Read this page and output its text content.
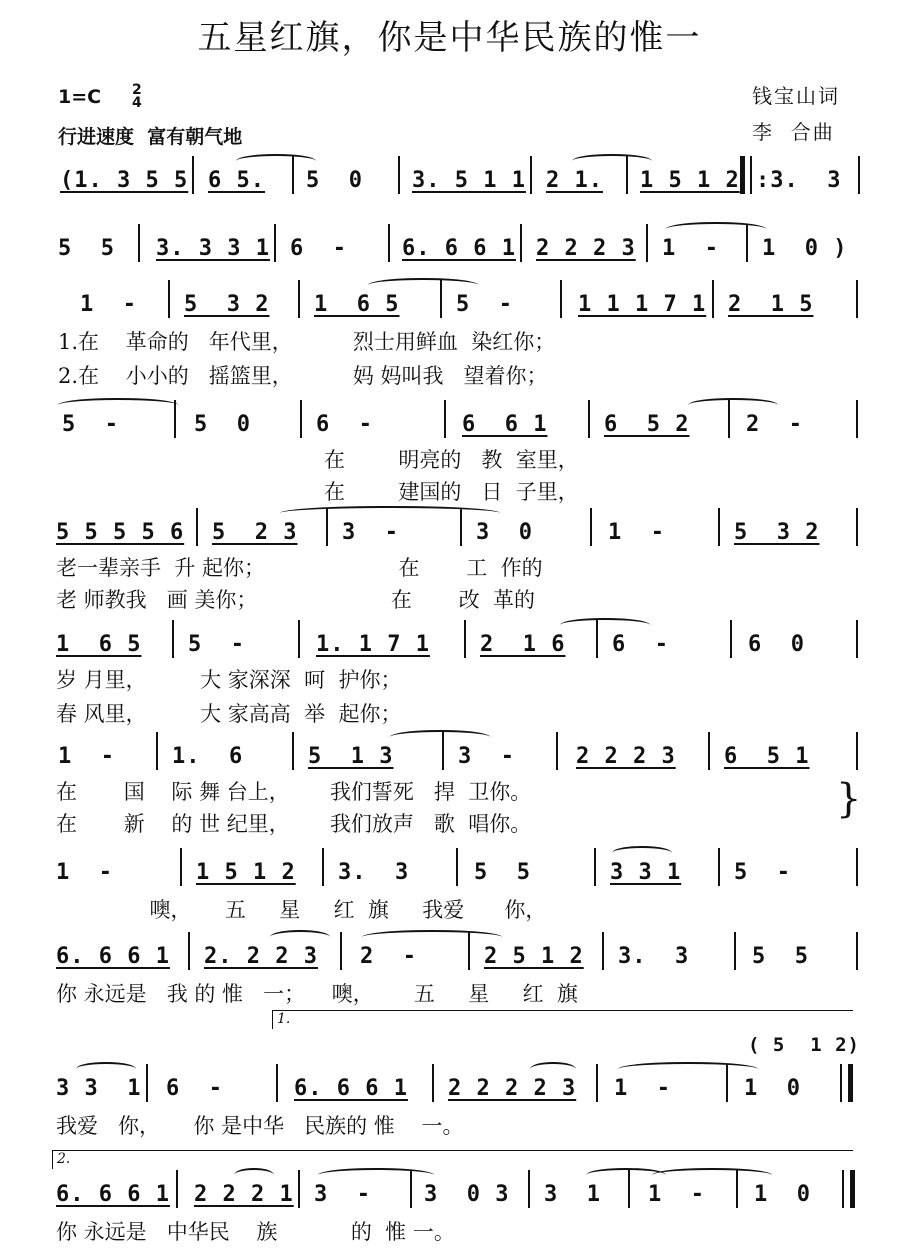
五星红旗，你是中华民族的惟一
1=C 2
4
行进速度  富有朝气地
钱宝山词
李  合曲
(1. 3 5 5 6 5. 5  0 3. 5 1 1 2 1. 1 5 1 2 :3.  3
5  5 3. 3 3 1 6  -	6. 6 6 1 2 2 2 3 1  - 1  0 )
1  - 5  3 2 1  6 5	5  -	1 1 1 7 1 2  1 5
1.在    革命的   年代里，         烈士用鲜血  染红你；
2.在    小小的   摇篮里，         妈 妈叫我   望着你；
5  -	5  0	6  -	6  6 1	6  5 2	2  -
在        明亮的   教  室里，
在        建国的   日  子里，
5 5 5 5 6 5  2 3 3  -	3  0	1  -	5  3 2
老一辈亲手  升 起你；                    在       工  作的
老 师教我   画 美你；                    在       改  革的
1  6 5 5  -	1. 1 7 1 2  1 6 6  -	6  0
岁 月里，        大 家深深  呵  护你；
春 风里，        大 家高高  举  起你；
1  -	1.  6	5  1 3	3  -	2 2 2 3 6  5 1
在       国    际 舞 台上，      我们誓死   捍  卫你。
在       新    的 世 纪里，      我们放声   歌  唱你。
}
1  -	1 5 1 2 3.  3	5  5	3 3 1 5  -
噢，     五     星     红  旗     我爱      你，
6. 6 6 1 2. 2 2 3 2  -	2 5 1 2 3.  3	5  5
你 永远是   我 的 惟   一；    噢，      五     星     红  旗
1.
( 5  1 2)
3 3  1 6  -	6. 6 6 1 2 2 2 2 3 1  -	1  0
我爱   你，     你 是中华   民族的 惟    一。
2.
6. 6 6 1 2 2 2 1 3  - 3  0 3 3  1 1  - 1  0
你 永远是   中华民    族           的  惟 一。
